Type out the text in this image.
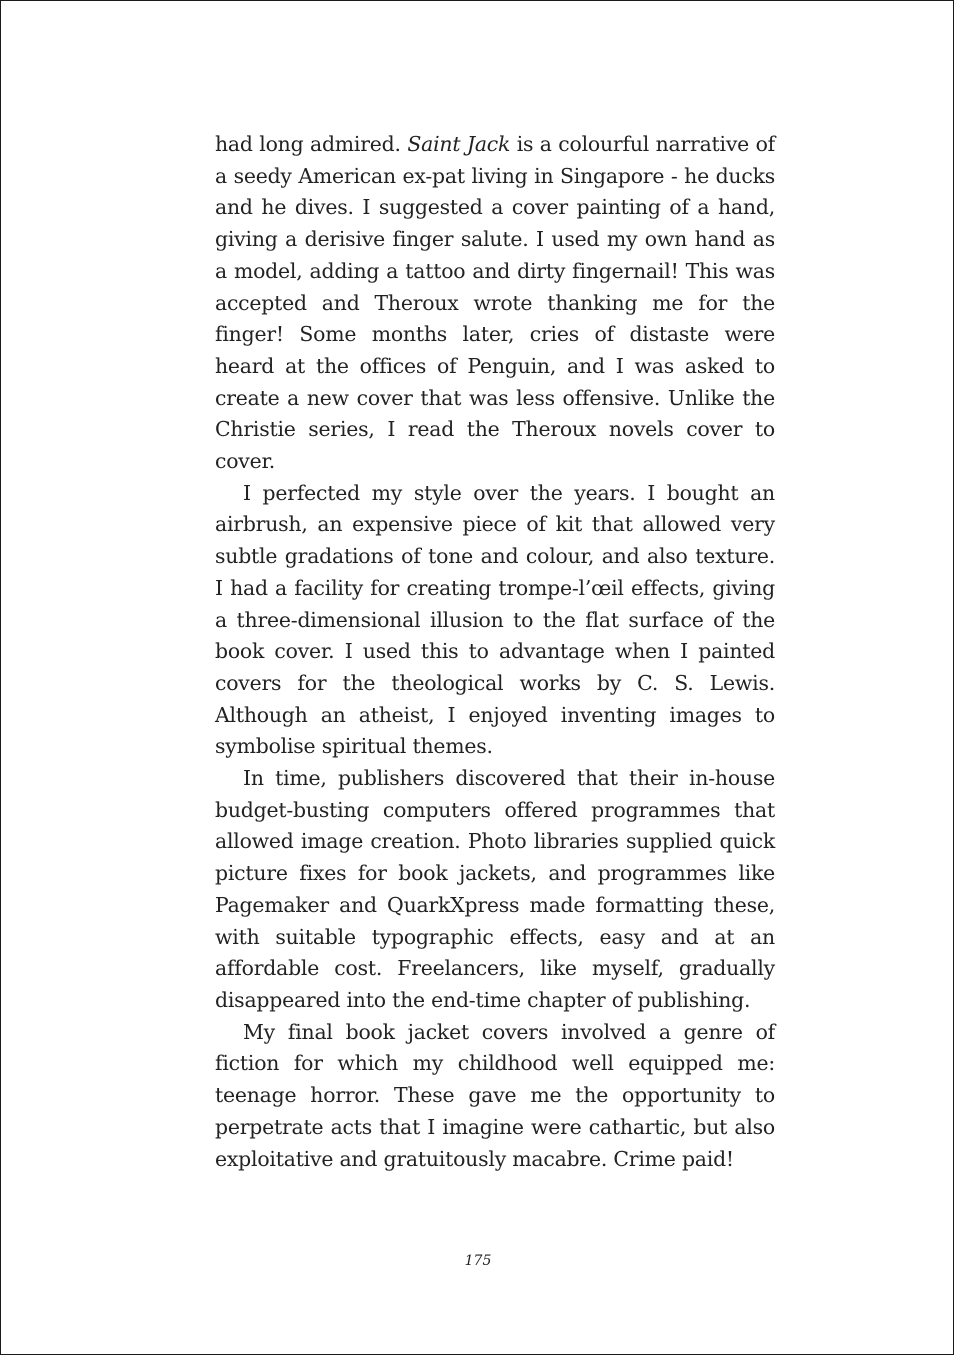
had long admired. Saint Jack is a colourful narrative of a seedy American ex-pat living in Singapore - he ducks and he dives. I suggested a cover painting of a hand, giving a derisive finger salute. I used my own hand as a model, adding a tattoo and dirty fingernail! This was accepted and Theroux wrote thanking me for the finger! Some months later, cries of distaste were heard at the offices of Penguin, and I was asked to create a new cover that was less offensive. Unlike the Christie series, I read the Theroux novels cover to cover.

I perfected my style over the years. I bought an airbrush, an expensive piece of kit that allowed very subtle gradations of tone and colour, and also texture. I had a facility for creating trompe-l’œil effects, giving a three-dimensional illusion to the flat surface of the book cover. I used this to advantage when I painted covers for the theological works by C. S. Lewis. Although an atheist, I enjoyed inventing images to symbolise spiritual themes.

In time, publishers discovered that their in-house budget-busting computers offered programmes that allowed image creation. Photo libraries supplied quick picture fixes for book jackets, and programmes like Pagemaker and QuarkXpress made formatting these, with suitable typographic effects, easy and at an affordable cost. Freelancers, like myself, gradually disappeared into the end-time chapter of publishing.

My final book jacket covers involved a genre of fiction for which my childhood well equipped me: teenage horror. These gave me the opportunity to perpetrate acts that I imagine were cathartic, but also exploitative and gratuitously macabre. Crime paid!

175
